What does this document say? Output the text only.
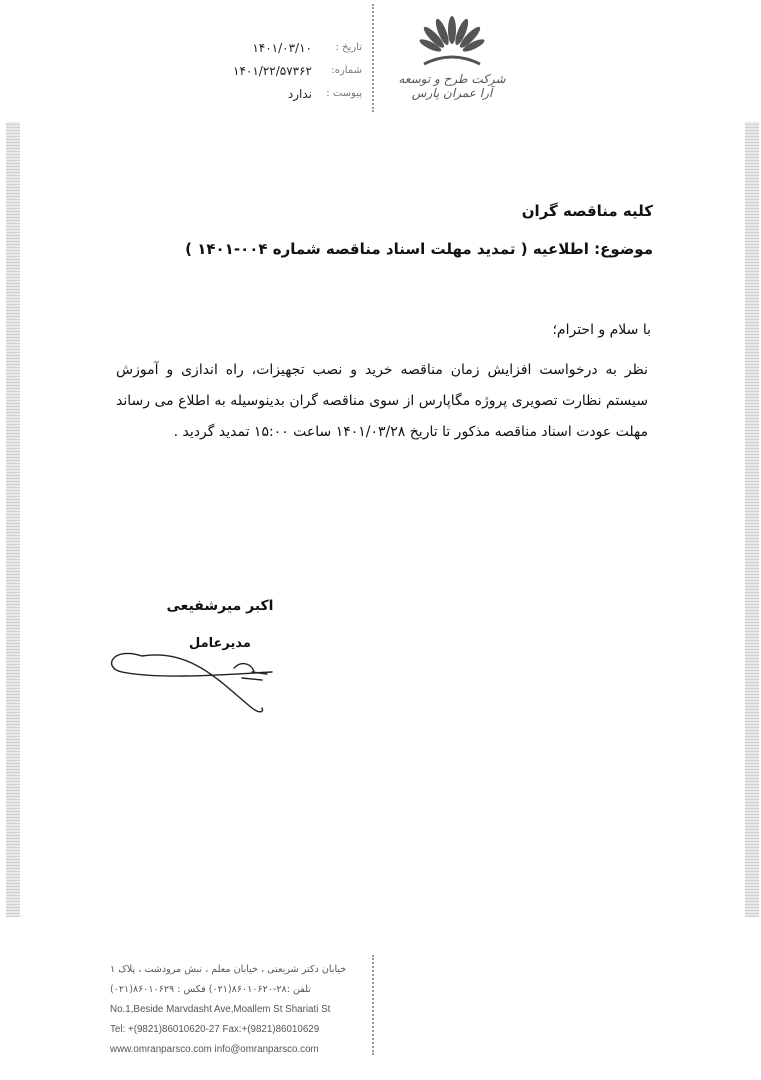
تاریخ :
۱۴۰۱/۰۳/۱۰
شماره:
۱۴۰۱/۲۲/۵۷۳۶۲
پیوست :
ندارد
شرکت طرح و توسعه آرا عمران پارس
کلیه مناقصه گران
موضوع: اطلاعیه ( تمدید مهلت اسناد مناقصه شماره ۰۰۴-۱۴۰۱ )
با سلام و احترام؛
نظر به درخواست افزایش زمان مناقصه خرید و نصب تجهیزات، راه اندازی و آموزش سیستم نظارت تصویری پروژه مگاپارس از سوی مناقصه گران بدینوسیله به اطلاع می رساند مهلت عودت اسناد مناقصه مذکور تا تاریخ ۱۴۰۱/۰۳/۲۸ ساعت ۱۵:۰۰ تمدید گردید .
اکبر میرشفیعی
مدیرعامل
خیابان دکتر شریعتی ، خیابان معلم ، نبش مرودشت ، پلاک ۱
تلفن :۲۸-۸۶۰۱۰۶۲۰(۰۲۱) فکس : ۸۶۰۱۰۶۲۹(۰۲۱)
No.1,Beside Marvdasht Ave,Moallem St Shariati St
Tel: +(9821)86010620-27 Fax:+(9821)86010629
www.omranparsco.com info@omranparsco.com
